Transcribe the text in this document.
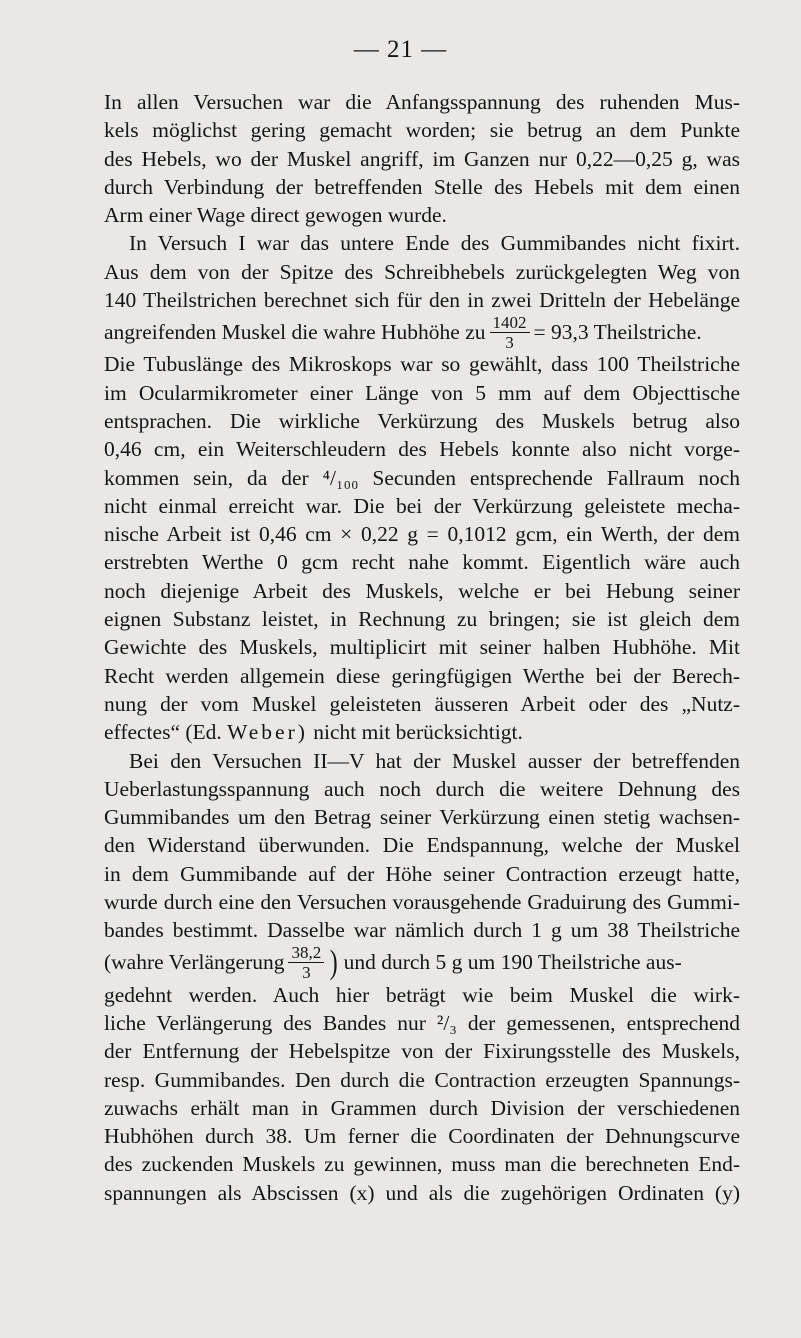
— 21 —
In allen Versuchen war die Anfangsspannung des ruhenden Mus-
kels möglichst gering gemacht worden; sie betrug an dem Punkte
des Hebels, wo der Muskel angriff, im Ganzen nur 0,22—0,25 g, was
durch Verbindung der betreffenden Stelle des Hebels mit dem einen
Arm einer Wage direct gewogen wurde.
In Versuch I war das untere Ende des Gummibandes nicht fixirt.
Aus dem von der Spitze des Schreibhebels zurückgelegten Weg von
140 Theilstrichen berechnet sich für den in zwei Dritteln der Hebelänge
angreifenden Muskel die wahre Hubhöhe zu $\frac{1402}{3} = 93,3$ Theilstriche.
Die Tubuslänge des Mikroskops war so gewählt, dass 100 Theilstriche
im Ocularmikrometer einer Länge von 5 mm auf dem Objecttische
entsprachen. Die wirkliche Verkürzung des Muskels betrug also
0,46 cm, ein Weiterschleudern des Hebels konnte also nicht vorge-
kommen sein, da der ⁴/₁₀₀ Secunden entsprechende Fallraum noch
nicht einmal erreicht war. Die bei der Verkürzung geleistete mecha-
nische Arbeit ist 0,46 cm × 0,22 g = 0,1012 gcm, ein Werth, der dem
erstrebten Werthe 0 gcm recht nahe kommt. Eigentlich wäre auch
noch diejenige Arbeit des Muskels, welche er bei Hebung seiner
eignen Substanz leistet, in Rechnung zu bringen; sie ist gleich dem
Gewichte des Muskels, multiplicirt mit seiner halben Hubhöhe. Mit
Recht werden allgemein diese geringfügigen Werthe bei der Berech-
nung der vom Muskel geleisteten äusseren Arbeit oder des „Nutz-
effectes“ (Ed. Weber) nicht mit berücksichtigt.
Bei den Versuchen II—V hat der Muskel ausser der betreffenden
Ueberlastungsspannung auch noch durch die weitere Dehnung des
Gummibandes um den Betrag seiner Verkürzung einen stetig wachsen-
den Widerstand überwunden. Die Endspannung, welche der Muskel
in dem Gummibande auf der Höhe seiner Contraction erzeugt hatte,
wurde durch eine den Versuchen vorausgehende Graduirung des Gummi-
bandes bestimmt. Dasselbe war nämlich durch 1 g um 38 Theilstriche
(wahre Verlängerung $\frac{38,2}{3}$ ) und durch 5 g um 190 Theilstriche aus-
gedehnt werden. Auch hier beträgt wie beim Muskel die wirk-
liche Verlängerung des Bandes nur ²/₃ der gemessenen, entsprechend
der Entfernung der Hebelspitze von der Fixirungsstelle des Muskels,
resp. Gummibandes. Den durch die Contraction erzeugten Spannungs-
zuwachs erhält man in Grammen durch Division der verschiedenen
Hubhöhen durch 38. Um ferner die Coordinaten der Dehnungscurve
des zuckenden Muskels zu gewinnen, muss man die berechneten End-
spannungen als Abscissen (x) und als die zugehörigen Ordinaten (y)
